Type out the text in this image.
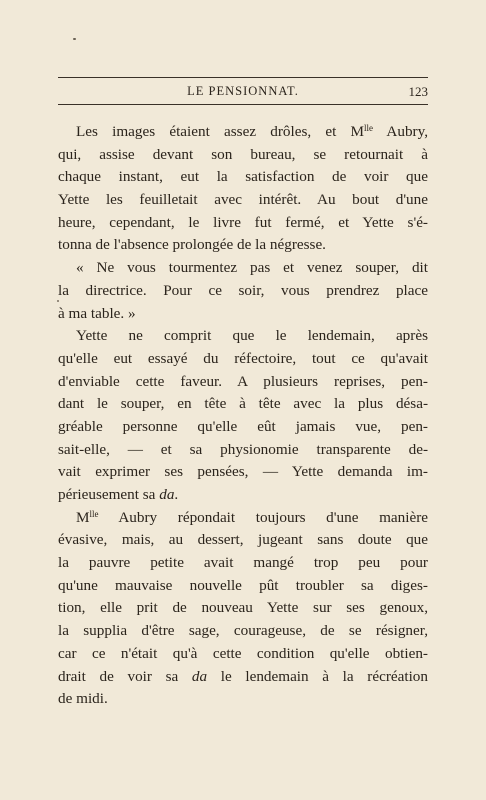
LE PENSIONNAT.	123
Les images étaient assez drôles, et $M^{lle}$ Aubry,
qui, assise devant son bureau, se retournait à
chaque instant, eut la satisfaction de voir que
Yette les feuilletait avec intérêt. Au bout d'une
heure, cependant, le livre fut fermé, et Yette s'é-
tonna de l'absence prolongée de la négresse.
« Ne vous tourmentez pas et venez souper, dit
la directrice. Pour ce soir, vous prendrez place
à ma table. »
Yette ne comprit que le lendemain, après
qu'elle eut essayé du réfectoire, tout ce qu'avait
d'enviable cette faveur. A plusieurs reprises, pen-
dant le souper, en tête à tête avec la plus désa-
gréable personne qu'elle eût jamais vue, pen-
sait-elle, — et sa physionomie transparente de-
vait exprimer ses pensées, — Yette demanda im-
périeusement sa da.
$M^{lle}$ Aubry répondait toujours d'une manière
évasive, mais, au dessert, jugeant sans doute que
la pauvre petite avait mangé trop peu pour
qu'une mauvaise nouvelle pût troubler sa diges-
tion, elle prit de nouveau Yette sur ses genoux,
la supplia d'être sage, courageuse, de se résigner,
car ce n'était qu'à cette condition qu'elle obtien-
drait de voir sa da le lendemain à la récréation
de midi.
